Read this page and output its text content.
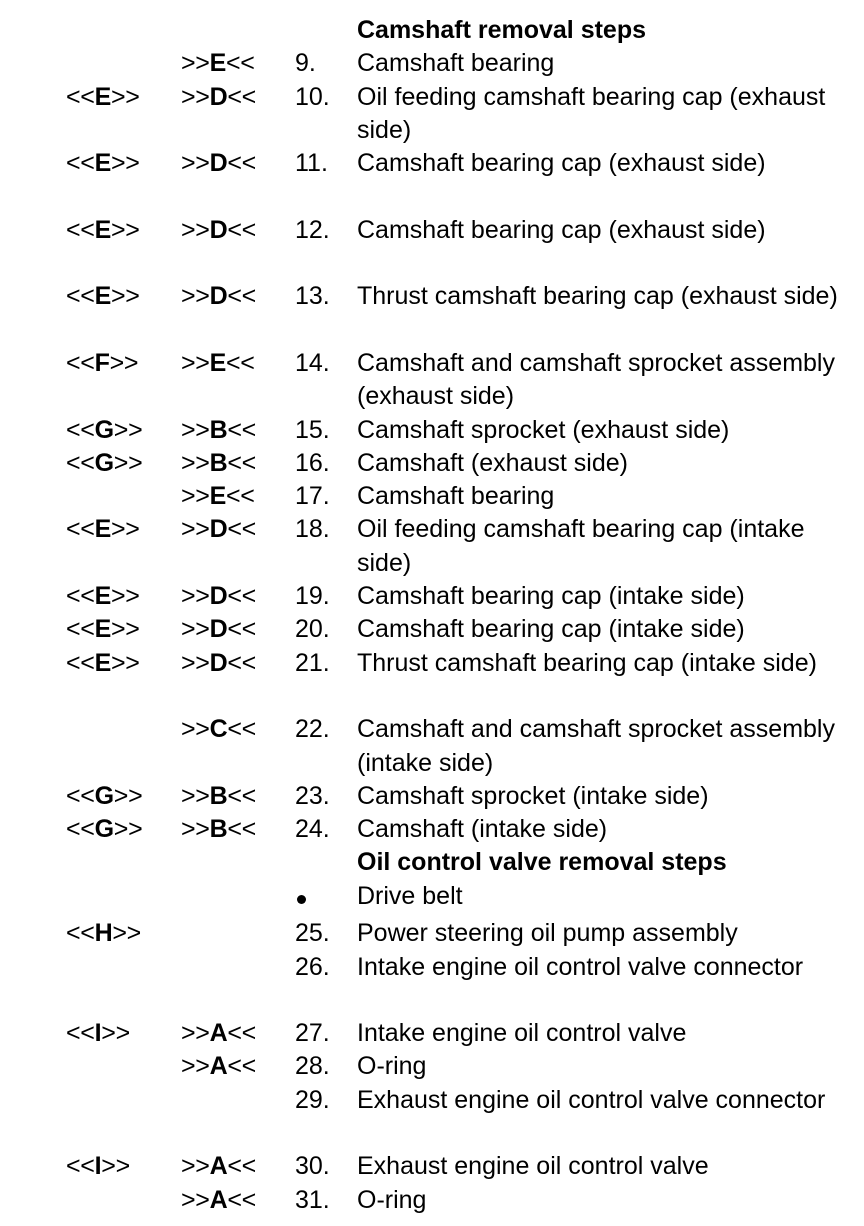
Camshaft removal steps
>>E<< 9. Camshaft bearing
<<E>> >>D<< 10. Oil feeding camshaft bearing cap (exhaust side)
<<E>> >>D<< 11. Camshaft bearing cap (exhaust side)
<<E>> >>D<< 12. Camshaft bearing cap (exhaust side)
<<E>> >>D<< 13. Thrust camshaft bearing cap (exhaust side)
<<F>> >>E<< 14. Camshaft and camshaft sprocket assembly (exhaust side)
<<G>> >>B<< 15. Camshaft sprocket (exhaust side)
<<G>> >>B<< 16. Camshaft (exhaust side)
>>E<< 17. Camshaft bearing
<<E>> >>D<< 18. Oil feeding camshaft bearing cap (intake side)
<<E>> >>D<< 19. Camshaft bearing cap (intake side)
<<E>> >>D<< 20. Camshaft bearing cap (intake side)
<<E>> >>D<< 21. Thrust camshaft bearing cap (intake side)
>>C<< 22. Camshaft and camshaft sprocket assembly (intake side)
<<G>> >>B<< 23. Camshaft sprocket (intake side)
<<G>> >>B<< 24. Camshaft (intake side)
Oil control valve removal steps
Drive belt
<<H>>	25. Power steering oil pump assembly
26. Intake engine oil control valve connector
<<I>> >>A<< 27. Intake engine oil control valve
>>A<< 28. O-ring
29. Exhaust engine oil control valve connector
<<I>> >>A<< 30. Exhaust engine oil control valve
>>A<< 31. O-ring
